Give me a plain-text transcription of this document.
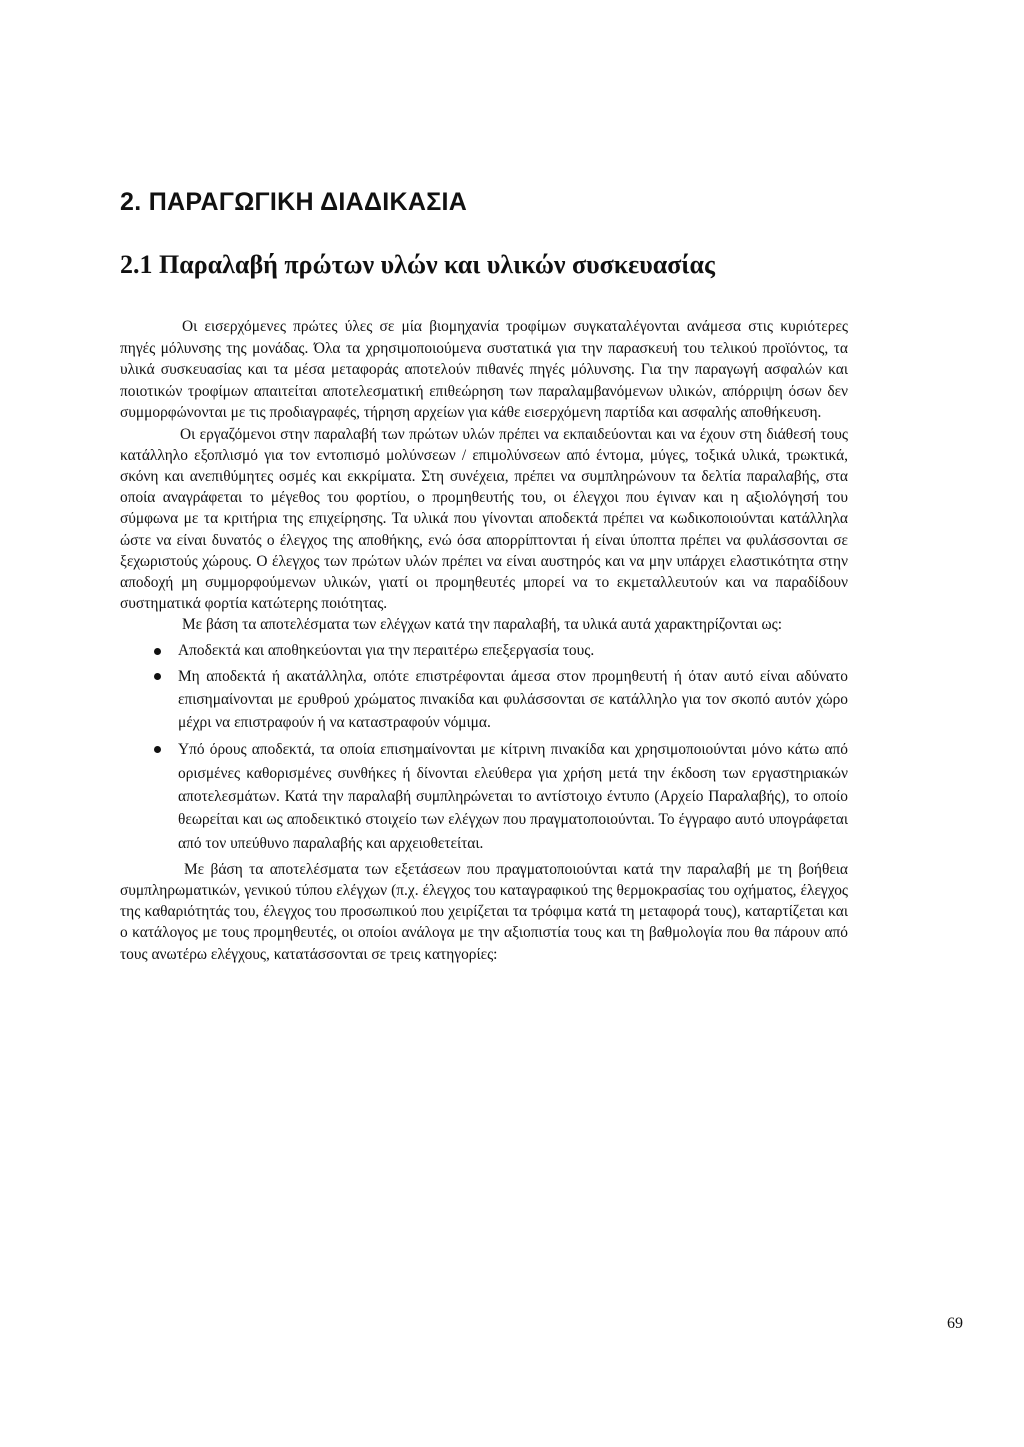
2. ΠΑΡΑΓΩΓΙΚΗ ΔΙΑΔΙΚΑΣΙΑ
2.1 Παραλαβή πρώτων υλών και υλικών συσκευασίας

Οι εισερχόμενες πρώτες ύλες σε μία βιομηχανία τροφίμων συγκαταλέγονται ανάμεσα στις κυριότερες πηγές μόλυνσης της μονάδας. Όλα τα χρησιμοποιούμενα συστατικά για την παρασκευή του τελικού προϊόντος, τα υλικά συσκευασίας και τα μέσα μεταφοράς αποτελούν πιθανές πηγές μόλυνσης. Για την παραγωγή ασφαλών και ποιοτικών τροφίμων απαιτείται αποτελεσματική επιθεώρηση των παραλαμβανόμενων υλικών, απόρριψη όσων δεν συμμορφώνονται με τις προδιαγραφές, τήρηση αρχείων για κάθε εισερχόμενη παρτίδα και ασφαλής αποθήκευση.

Οι εργαζόμενοι στην παραλαβή των πρώτων υλών πρέπει να εκπαιδεύονται και να έχουν στη διάθεσή τους κατάλληλο εξοπλισμό για τον εντοπισμό μολύνσεων / επιμολύνσεων από έντομα, μύγες, τοξικά υλικά, τρωκτικά, σκόνη και ανεπιθύμητες οσμές και εκκρίματα. Στη συνέχεια, πρέπει να συμπληρώνουν τα δελτία παραλαβής, στα οποία αναγράφεται το μέγεθος του φορτίου, ο προμηθευτής του, οι έλεγχοι που έγιναν και η αξιολόγησή του σύμφωνα με τα κριτήρια της επιχείρησης. Τα υλικά που γίνονται αποδεκτά πρέπει να κωδικοποιούνται κατάλληλα ώστε να είναι δυνατός ο έλεγχος της αποθήκης, ενώ όσα απορρίπτονται ή είναι ύποπτα πρέπει να φυλάσσονται σε ξεχωριστούς χώρους. Ο έλεγχος των πρώτων υλών πρέπει να είναι αυστηρός και να μην υπάρχει ελαστικότητα στην αποδοχή μη συμμορφούμενων υλικών, γιατί οι προμηθευτές μπορεί να το εκμεταλλευτούν και να παραδίδουν συστηματικά φορτία κατώτερης ποιότητας.

Με βάση τα αποτελέσματα των ελέγχων κατά την παραλαβή, τα υλικά αυτά χαρακτηρίζονται ως:

Αποδεκτά και αποθηκεύονται για την περαιτέρω επεξεργασία τους.
Μη αποδεκτά ή ακατάλληλα, οπότε επιστρέφονται άμεσα στον προμηθευτή ή όταν αυτό είναι αδύνατο επισημαίνονται με ερυθρού χρώματος πινακίδα και φυλάσσονται σε κατάλληλο για τον σκοπό αυτόν χώρο μέχρι να επιστραφούν ή να καταστραφούν νόμιμα.
Υπό όρους αποδεκτά, τα οποία επισημαίνονται με κίτρινη πινακίδα και χρησιμοποιούνται μόνο κάτω από ορισμένες καθορισμένες συνθήκες ή δίνονται ελεύθερα για χρήση μετά την έκδοση των εργαστηριακών αποτελεσμάτων. Κατά την παραλαβή συμπληρώνεται το αντίστοιχο έντυπο (Αρχείο Παραλαβής), το οποίο θεωρείται και ως αποδεικτικό στοιχείο των ελέγχων που πραγματοποιούνται. Το έγγραφο αυτό υπογράφεται από τον υπεύθυνο παραλαβής και αρχειοθετείται.

Με βάση τα αποτελέσματα των εξετάσεων που πραγματοποιούνται κατά την παραλαβή με τη βοήθεια συμπληρωματικών, γενικού τύπου ελέγχων (π.χ. έλεγχος του καταγραφικού της θερμοκρασίας του οχήματος, έλεγχος της καθαριότητάς του, έλεγχος του προσωπικού που χειρίζεται τα τρόφιμα κατά τη μεταφορά τους), καταρτίζεται και ο κατάλογος με τους προμηθευτές, οι οποίοι ανάλογα με την αξιοπιστία τους και τη βαθμολογία που θα πάρουν από τους ανωτέρω ελέγχους, κατατάσσονται σε τρεις κατηγορίες:

69
